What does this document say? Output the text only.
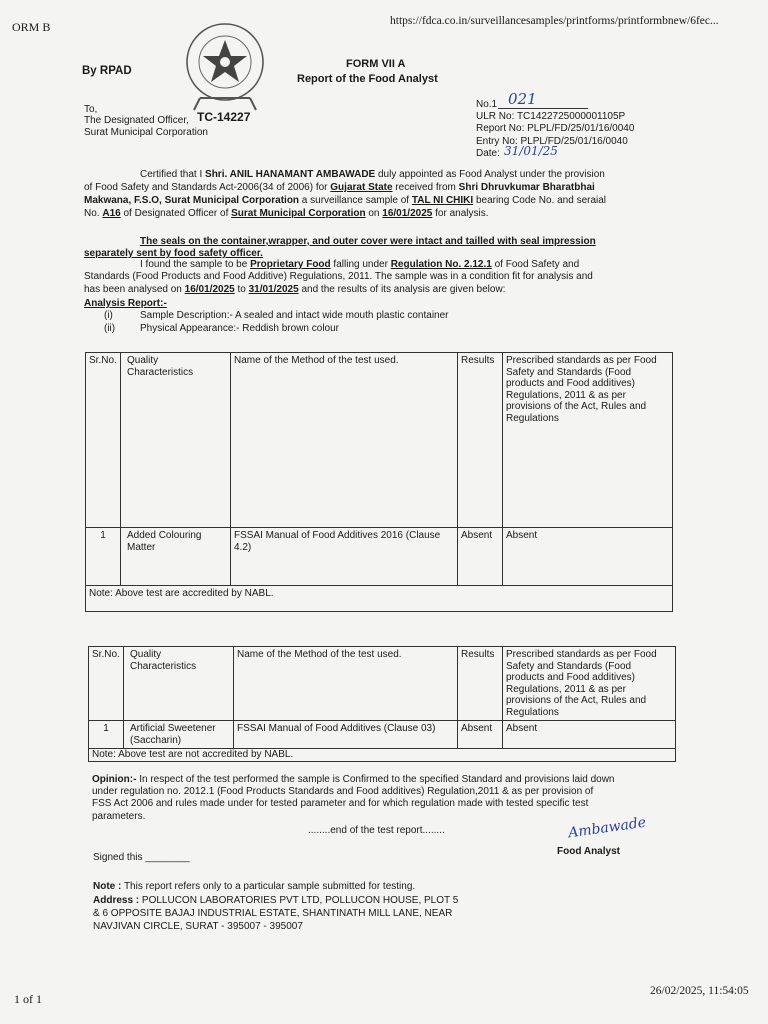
ORM B	https://fdca.co.in/surveillancesamples/printforms/printformbnew/6fec...
1 of 1
26/02/2025, 11:54:05
TC-14227
By RPAD
FORM VII A
Report of the Food Analyst
To,
The Designated Officer,
Surat Municipal Corporation
No.1 021
ULR No: TC1422725000001105P
Report No: PLPL/FD/25/01/16/0040
Entry No: PLPL/FD/25/01/16/0040
Date: 31/01/25
Certified that I Shri. ANIL HANAMANT AMBAWADE duly appointed as Food Analyst under the provision
of Food Safety and Standards Act-2006(34 of 2006) for Gujarat State received from Shri Dhruvkumar Bharatbhai
Makwana, F.S.O, Surat Municipal Corporation a surveillance sample of TAL NI CHIKI bearing Code No. and seraial
No. A16 of Designated Officer of Surat Municipal Corporation on 16/01/2025 for analysis.
The seals on the container,wrapper, and outer cover were intact and tailled with seal impression
separately sent by food safety officer.
I found the sample to be Proprietary Food falling under Regulation No. 2.12.1 of Food Safety and
Standards (Food Products and Food Additive) Regulations, 2011. The sample was in a condition fit for analysis and
has been analysed on 16/01/2025 to 31/01/2025 and the results of its analysis are given below:
Analysis Report:-
(i)	Sample Description:- A sealed and intact wide mouth plastic container
(ii) Physical Appearance:- Reddish brown colour
Sr.No.	Quality Characteristics	Name of the Method of the test used.	Results	Prescribed standards as per Food Safety and Standards (Food products and Food additives) Regulations, 2011 & as per provisions of the Act, Rules and Regulations
1	Added Colouring Matter	FSSAI Manual of Food Additives 2016 (Clause 4.2)	Absent	Absent
Note: Above test are accredited by NABL.				
Sr.No.	Quality Characteristics	Name of the Method of the test used.	Results	Prescribed standards as per Food Safety and Standards (Food products and Food additives) Regulations, 2011 & as per provisions of the Act, Rules and Regulations
1	Artificial Sweetener (Saccharin)	FSSAI Manual of Food Additives (Clause 03)	Absent	Absent
Note: Above test are not accredited by NABL.				
Opinion:- In respect of the test performed the sample is Confirmed to the specified Standard and provisions laid down
under regulation no. 2012.1 (Food Products Standards and Food additives) Regulation,2011 & as per provision of
FSS Act 2006 and rules made under for tested parameter and for which regulation made with tested specific test
parameters.
........end of the test report........	Ambawade
Food Analyst
Signed this ________
Note : This report refers only to a particular sample submitted for testing.
Address : POLLUCON LABORATORIES PVT LTD, POLLUCON HOUSE, PLOT 5
& 6 OPPOSITE BAJAJ INDUSTRIAL ESTATE, SHANTINATH MILL LANE, NEAR
NAVJIVAN CIRCLE, SURAT - 395007 - 395007
